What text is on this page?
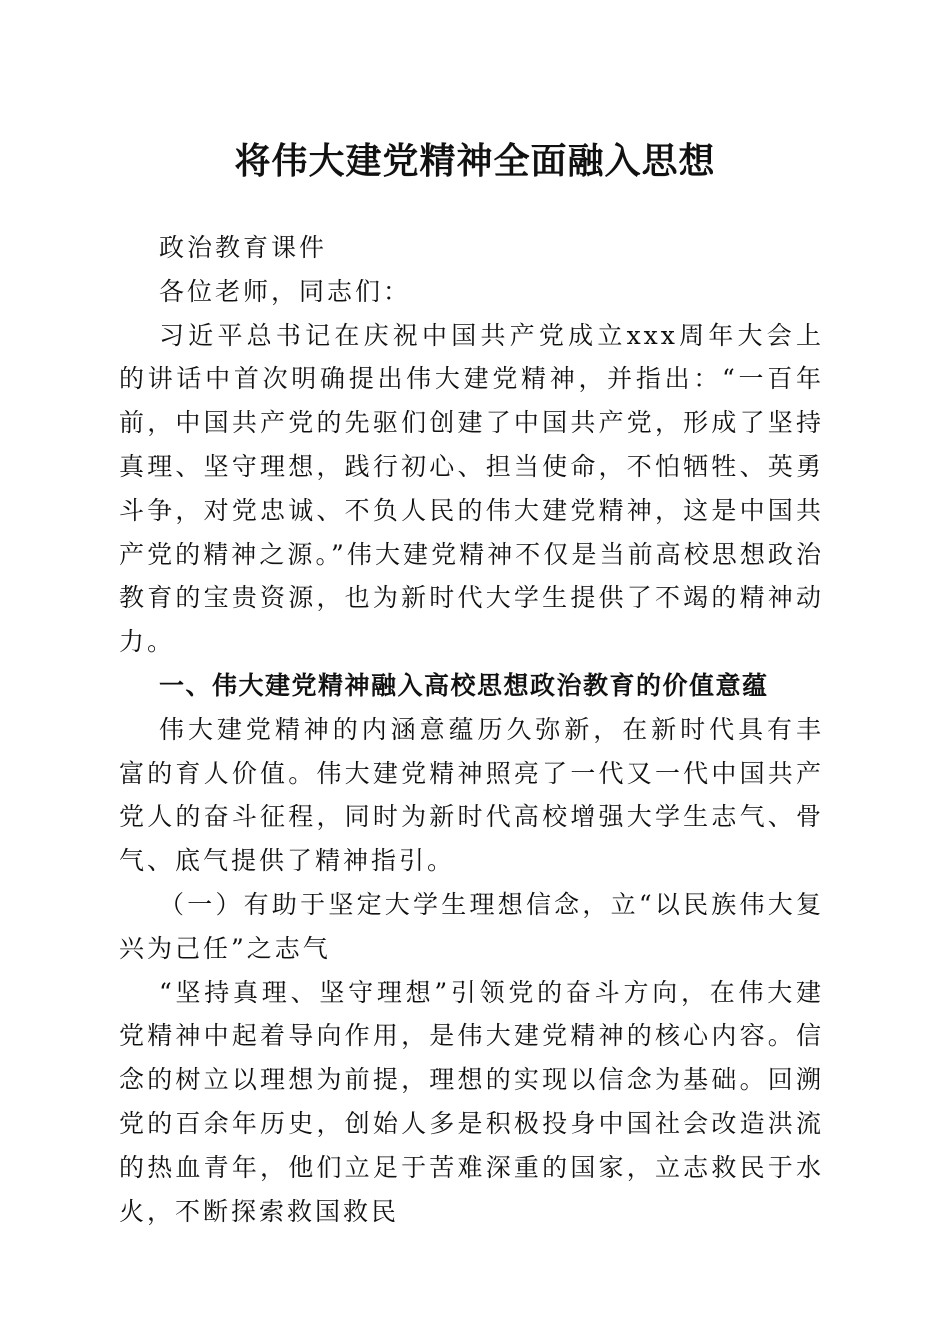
将伟大建党精神全面融入思想

政治教育课件

各位老师，同志们：

习近平总书记在庆祝中国共产党成立xxx周年大会上的讲话中首次明确提出伟大建党精神，并指出：“一百年前，中国共产党的先驱们创建了中国共产党，形成了坚持真理、坚守理想，践行初心、担当使命，不怕牺牲、英勇斗争，对党忠诚、不负人民的伟大建党精神，这是中国共产党的精神之源。”伟大建党精神不仅是当前高校思想政治教育的宝贵资源，也为新时代大学生提供了不竭的精神动力。

一、伟大建党精神融入高校思想政治教育的价值意蕴

伟大建党精神的内涵意蕴历久弥新，在新时代具有丰富的育人价值。伟大建党精神照亮了一代又一代中国共产党人的奋斗征程，同时为新时代高校增强大学生志气、骨气、底气提供了精神指引。

（一）有助于坚定大学生理想信念，立“以民族伟大复兴为己任”之志气

“坚持真理、坚守理想”引领党的奋斗方向，在伟大建党精神中起着导向作用，是伟大建党精神的核心内容。信念的树立以理想为前提，理想的实现以信念为基础。回溯党的百余年历史，创始人多是积极投身中国社会改造洪流的热血青年，他们立足于苦难深重的国家，立志救民于水火，不断探索救国救民
